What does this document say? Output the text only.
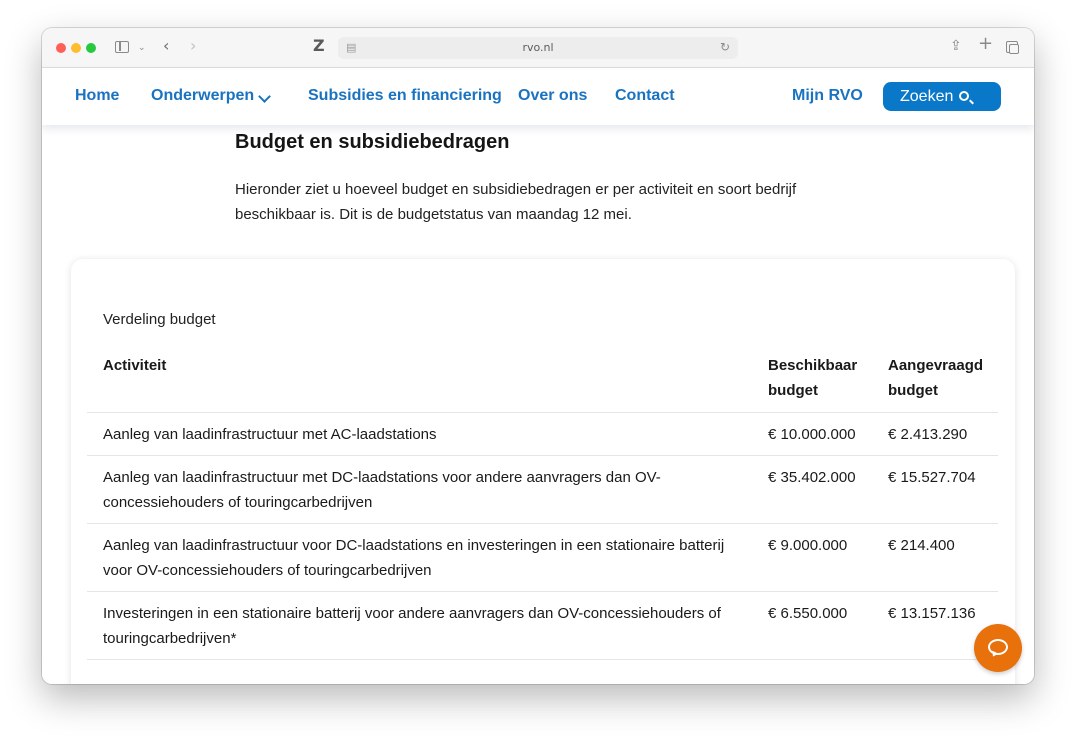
⌄ ‹ ›	Z ▤	rvo.nl	↻	⇪ +
Home Onderwerpen	Subsidies en financiering Over ons Contact	Mijn RVO	Zoeken
Budget en subsidiebedragen

Hieronder ziet u hoeveel budget en subsidiebedragen er per activiteit en soort bedrijf beschikbaar is. Dit is de budgetstatus van maandag 12 mei.

Verdeling budget
Activiteit	Beschikbaar budget	Aangevraagd budget
Aanleg van laadinfrastructuur met AC-laadstations	€ 10.000.000	€ 2.413.290
Aanleg van laadinfrastructuur met DC-laadstations voor andere aanvragers dan OV-concessiehouders of touringcarbedrijven	€ 35.402.000	€ 15.527.704
Aanleg van laadinfrastructuur voor DC-laadstations en investeringen in een stationaire batterij voor OV-concessiehouders of touringcarbedrijven	€ 9.000.000	€ 214.400
Investeringen in een stationaire batterij voor andere aanvragers dan OV-concessiehouders of touringcarbedrijven*	€ 6.550.000	€ 13.157.136
